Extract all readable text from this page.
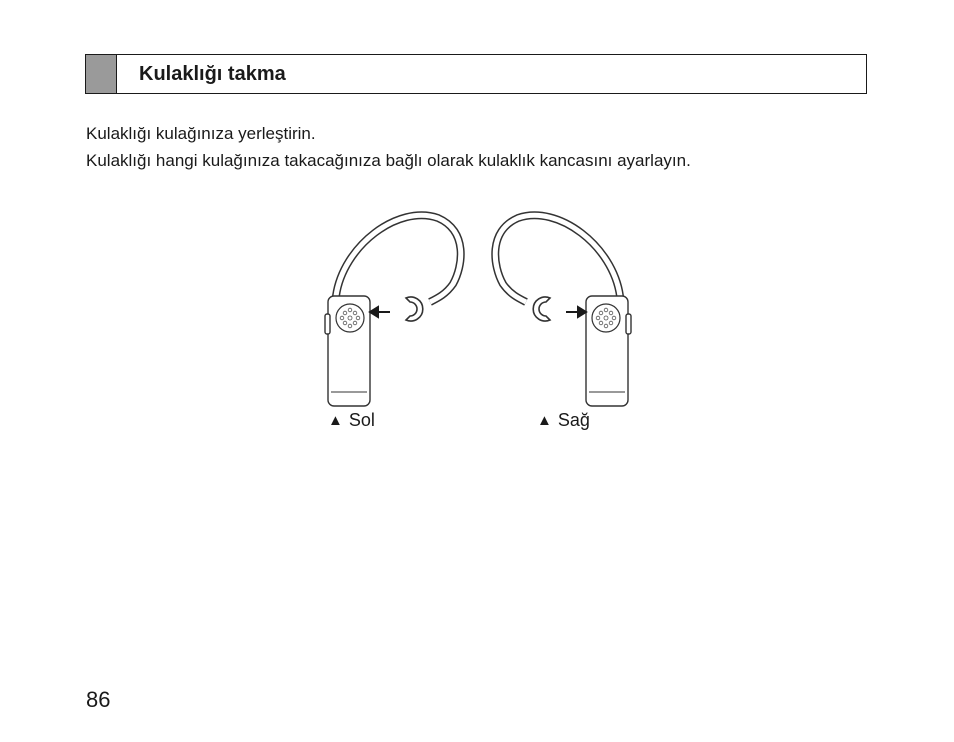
Kulaklığı takma

Kulaklığı kulağınıza yerleştirin.

Kulaklığı hangi kulağınıza takacağınıza bağlı olarak kulaklık kancasını ayarlayın.

▲ Sol	▲ Sağ
86
